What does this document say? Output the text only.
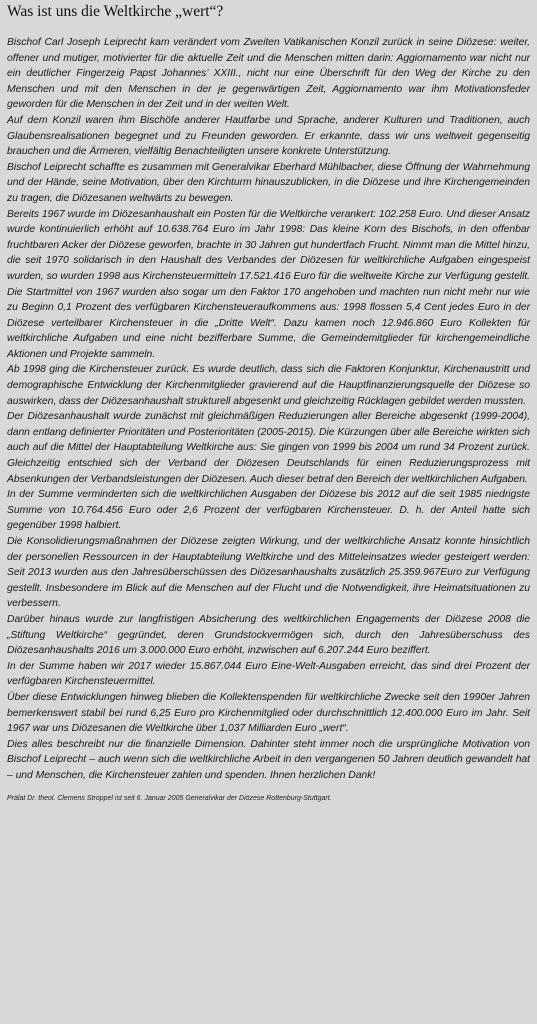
Was ist uns die Weltkirche „wert“?

Bischof Carl Joseph Leiprecht kam verändert vom Zweiten Vatikanischen Konzil zurück in seine Diözese: weiter, offener und mutiger, motivierter für die aktuelle Zeit und die Menschen mitten darin: Aggiornamento war nicht nur ein deutlicher Fingerzeig Papst Johannes’ XXIII., nicht nur eine Überschrift für den Weg der Kirche zu den Menschen und mit den Menschen in der je gegenwärtigen Zeit, Aggiornamento war ihm Motivationsfeder geworden für die Menschen in der Zeit und in der weiten Welt.

Auf dem Konzil waren ihm Bischöfe anderer Hautfarbe und Sprache, anderer Kulturen und Traditionen, auch Glaubensrealisationen begegnet und zu Freunden geworden. Er erkannte, dass wir uns weltweit gegenseitig brauchen und die Ärmeren, vielfältig Benachteiligten unsere konkrete Unterstützung.

Bischof Leiprecht schaffte es zusammen mit Generalvikar Eberhard Mühlbacher, diese Öffnung der Wahrnehmung und der Hände, seine Motivation, über den Kirchturm hinauszublicken, in die Diözese und ihre Kirchengemeinden zu tragen, die Diözesanen weltwärts zu bewegen.

Bereits 1967 wurde im Diözesanhaushalt ein Posten für die Weltkirche verankert: 102.258 Euro. Und dieser Ansatz wurde kontinuierlich erhöht auf 10.638.764 Euro im Jahr 1998: Das kleine Korn des Bischofs, in den offenbar fruchtbaren Acker der Diözese geworfen, brachte in 30 Jahren gut hundertfach Frucht. Nimmt man die Mittel hinzu, die seit 1970 solidarisch in den Haushalt des Verbandes der Diözesen für weltkirchliche Aufgaben eingespeist wurden, so wurden 1998 aus Kirchensteuermitteln 17.521.416 Euro für die weltweite Kirche zur Verfügung gestellt. Die Startmittel von 1967 wurden also sogar um den Faktor 170 angehoben und machten nun nicht mehr nur wie zu Beginn 0,1 Prozent des verfügbaren Kirchensteueraufkommens aus: 1998 flossen 5,4 Cent jedes Euro in der Diözese verteilbarer Kirchensteuer in die „Dritte Welt“. Dazu kamen noch 12.946.860 Euro Kollekten für weltkirchliche Aufgaben und eine nicht bezifferbare Summe, die Gemeindemitglieder für kirchengemeindliche Aktionen und Projekte sammeln.

Ab 1998 ging die Kirchensteuer zurück. Es wurde deutlich, dass sich die Faktoren Konjunktur, Kirchenaustritt und demographische Entwicklung der Kirchenmitglieder gravierend auf die Hauptfinanzierungsquelle der Diözese so auswirken, dass der Diözesanhaushalt strukturell abgesenkt und gleichzeitig Rücklagen gebildet werden mussten.

Der Diözesanhaushalt wurde zunächst mit gleichmäßigen Reduzierungen aller Bereiche abgesenkt (1999-2004), dann entlang definierter Prioritäten und Posterioritäten (2005-2015). Die Kürzungen über alle Bereiche wirkten sich auch auf die Mittel der Hauptabteilung Weltkirche aus: Sie gingen von 1999 bis 2004 um rund 34 Prozent zurück. Gleichzeitig entschied sich der Verband der Diözesen Deutschlands für einen Reduzierungsprozess mit Absenkungen der Verbandsleistungen der Diözesen. Auch dieser betraf den Bereich der weltkirchlichen Aufgaben.

In der Summe verminderten sich die weltkirchlichen Ausgaben der Diözese bis 2012 auf die seit 1985 niedrigste Summe von 10.764.456 Euro oder 2,6 Prozent der verfügbaren Kirchensteuer. D. h. der Anteil hatte sich gegenüber 1998 halbiert.

Die Konsolidierungsmaßnahmen der Diözese zeigten Wirkung, und der weltkirchliche Ansatz konnte hinsichtlich der personellen Ressourcen in der Hauptabteilung Weltkirche und des Mitteleinsatzes wieder gesteigert werden: Seit 2013 wurden aus den Jahresüberschüssen des Diözesanhaushalts zusätzlich 25.359.967Euro zur Verfügung gestellt. Insbesondere im Blick auf die Menschen auf der Flucht und die Notwendigkeit, ihre Heimatsituationen zu verbessern.

Darüber hinaus wurde zur langfristigen Absicherung des weltkirchlichen Engagements der Diözese 2008 die „Stiftung Weltkirche“ gegründet, deren Grundstockvermögen sich, durch den Jahresüberschuss des Diözesanhaushalts 2016 um 3.000.000 Euro erhöht, inzwischen auf 6.207.244 Euro beziffert.

In der Summe haben wir 2017 wieder 15.867.044 Euro Eine-Welt-Ausgaben erreicht, das sind drei Prozent der verfügbaren Kirchensteuermittel.

Über diese Entwicklungen hinweg blieben die Kollektenspenden für weltkirchliche Zwecke seit den 1990er Jahren bemerkenswert stabil bei rund 6,25 Euro pro Kirchenmitglied oder durchschnittlich 12.400.000 Euro im Jahr. Seit 1967 war uns Diözesanen die Weltkirche über 1,037 Milliarden Euro „wert“.

Dies alles beschreibt nur die finanzielle Dimension. Dahinter steht immer noch die ursprüngliche Motivation von Bischof Leiprecht – auch wenn sich die weltkirchliche Arbeit in den vergangenen 50 Jahren deutlich gewandelt hat – und Menschen, die Kirchensteuer zahlen und spenden. Ihnen herzlichen Dank!

Prälat Dr. theol. Clemens Stroppel ist seit 6. Januar 2005 Generalvikar der Diözese Rottenburg-Stuttgart.
